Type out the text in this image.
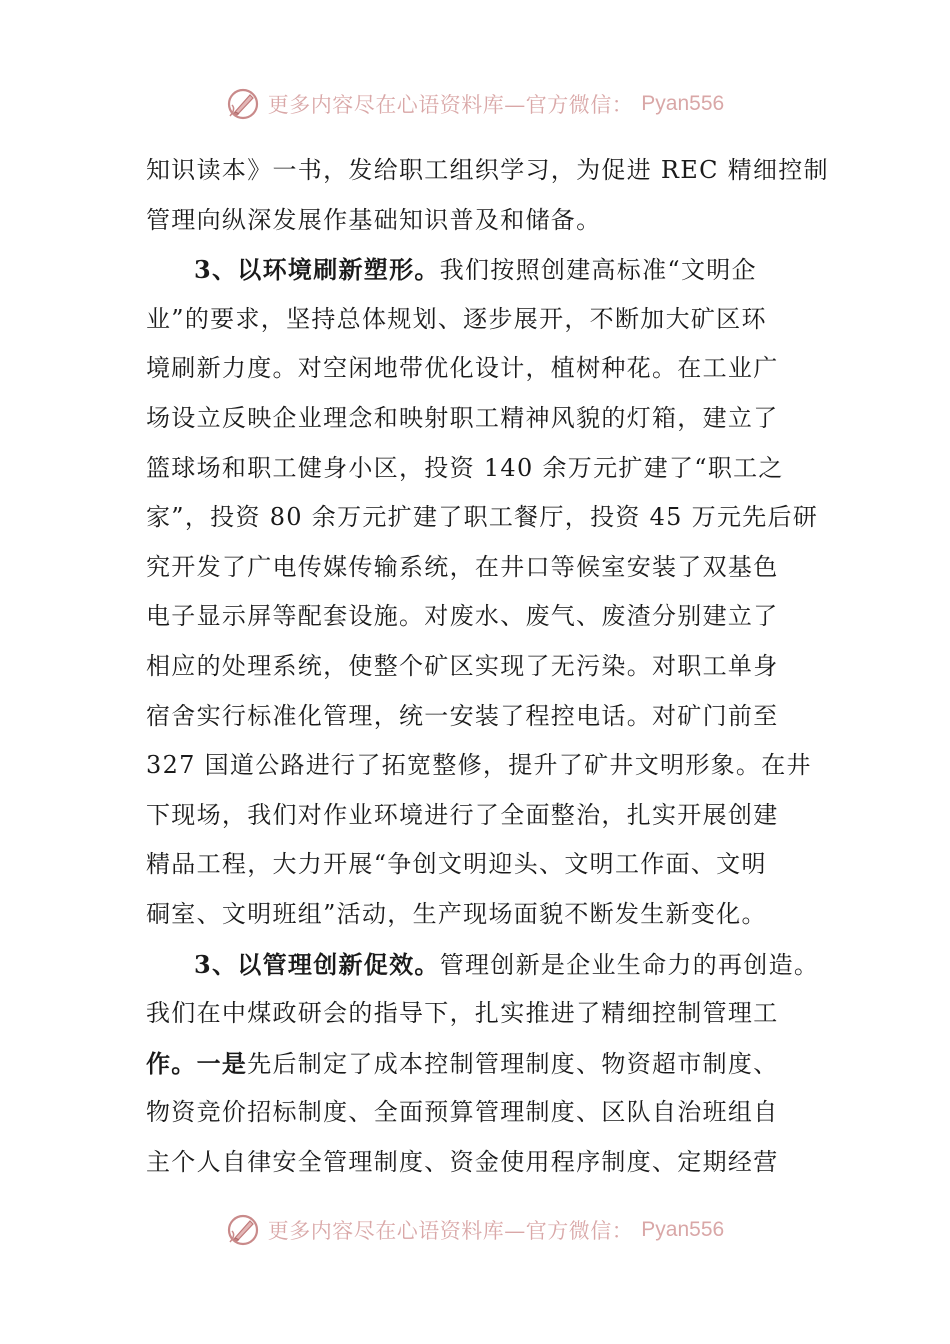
更多内容尽在心语资料库—官方微信： Pyan556
知识读本》一书，发给职工组织学习，为促进 REC 精细控制
管理向纵深发展作基础知识普及和储备。
3、以环境刷新塑形。我们按照创建高标准“文明企
业”的要求，坚持总体规划、逐步展开，不断加大矿区环
境刷新力度。对空闲地带优化设计，植树种花。在工业广
场设立反映企业理念和映射职工精神风貌的灯箱，建立了
篮球场和职工健身小区，投资 140 余万元扩建了“职工之
家”，投资 80 余万元扩建了职工餐厅，投资 45 万元先后研
究开发了广电传媒传输系统，在井口等候室安装了双基色
电子显示屏等配套设施。对废水、废气、废渣分别建立了
相应的处理系统，使整个矿区实现了无污染。对职工单身
宿舍实行标准化管理，统一安装了程控电话。对矿门前至
327 国道公路进行了拓宽整修，提升了矿井文明形象。在井
下现场，我们对作业环境进行了全面整治，扎实开展创建
精品工程，大力开展“争创文明迎头、文明工作面、文明
硐室、文明班组”活动，生产现场面貌不断发生新变化。
3、以管理创新促效。管理创新是企业生命力的再创造。
我们在中煤政研会的指导下，扎实推进了精细控制管理工
作。一是先后制定了成本控制管理制度、物资超市制度、
物资竞价招标制度、全面预算管理制度、区队自治班组自
主个人自律安全管理制度、资金使用程序制度、定期经营
更多内容尽在心语资料库—官方微信： Pyan556
